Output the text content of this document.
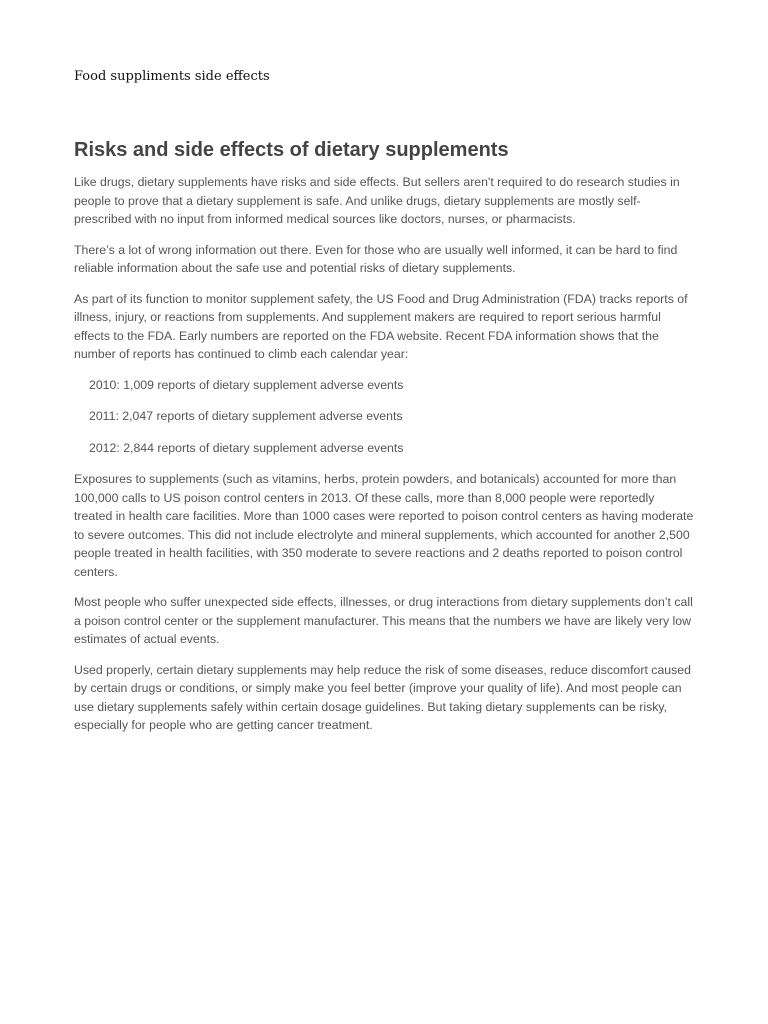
Food suppliments side effects
Risks and side effects of dietary supplements

Like drugs, dietary supplements have risks and side effects. But sellers aren't required to do research studies in people to prove that a dietary supplement is safe. And unlike drugs, dietary supplements are mostly self-prescribed with no input from informed medical sources like doctors, nurses, or pharmacists.

There’s a lot of wrong information out there. Even for those who are usually well informed, it can be hard to find reliable information about the safe use and potential risks of dietary supplements.

As part of its function to monitor supplement safety, the US Food and Drug Administration (FDA) tracks reports of illness, injury, or reactions from supplements. And supplement makers are required to report serious harmful effects to the FDA. Early numbers are reported on the FDA website. Recent FDA information shows that the number of reports has continued to climb each calendar year:

2010: 1,009 reports of dietary supplement adverse events
2011: 2,047 reports of dietary supplement adverse events
2012: 2,844 reports of dietary supplement adverse events

Exposures to supplements (such as vitamins, herbs, protein powders, and botanicals) accounted for more than 100,000 calls to US poison control centers in 2013. Of these calls, more than 8,000 people were reportedly treated in health care facilities. More than 1000 cases were reported to poison control centers as having moderate to severe outcomes. This did not include electrolyte and mineral supplements, which accounted for another 2,500 people treated in health facilities, with 350 moderate to severe reactions and 2 deaths reported to poison control centers.

Most people who suffer unexpected side effects, illnesses, or drug interactions from dietary supplements don’t call a poison control center or the supplement manufacturer. This means that the numbers we have are likely very low estimates of actual events.

Used properly, certain dietary supplements may help reduce the risk of some diseases, reduce discomfort caused by certain drugs or conditions, or simply make you feel better (improve your quality of life). And most people can use dietary supplements safely within certain dosage guidelines. But taking dietary supplements can be risky, especially for people who are getting cancer treatment.
